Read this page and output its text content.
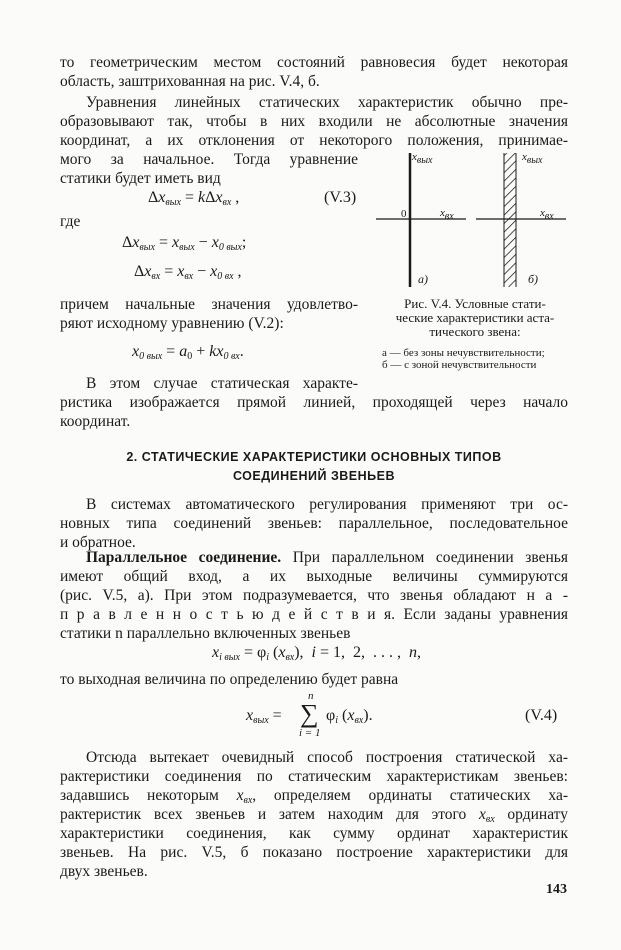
то геометрическим местом состояний равновесия будет некоторая
область, заштрихованная на рис. V.4, б.
Уравнения линейных статических характеристик обычно пре-
образовывают так, чтобы в них входили не абсолютные значения
координат, а их отклонения от некоторого положения, принимае-
мого за начальное. Тогда уравнение
статики будет иметь вид
$\Delta x_{вых} = k\Delta x_{вх}$ ,	(V.3)
где
$\Delta x_{вых} = x_{вых} - x_{0 вых}$;
$\Delta x_{вх} = x_{вх} - x_{0 вх}$ ,
причем начальные значения удовлетво-
ряют исходному уравнению (V.2):
$x_{0 вых} = a_0 + kx_{0 вх}$.
$x_{вых}$
$x_{вх}$
0
а)
$x_{вых}$
$x_{вх}$
б)
Рис. V.4. Условные стати-
ческие характеристики аста-
тического звена:
а — без зоны нечувствительности;
б — с зоной нечувствительности
В этом случае статическая характе-
ристика изображается прямой линией, проходящей через начало
координат.
2. СТАТИЧЕСКИЕ ХАРАКТЕРИСТИКИ ОСНОВНЫХ ТИПОВ
СОЕДИНЕНИЙ ЗВЕНЬЕВ
В системах автоматического регулирования применяют три ос-
новных типа соединений звеньев: параллельное, последовательное
и обратное.
Параллельное соединение. При параллельном соединении звенья
имеют общий вход, а их выходные величины суммируются
(рис. V.5, а). При этом подразумевается, что звенья обладают н а -
п р а в л е н н о с т ь ю д е й с т в и я. Если заданы уравнения
статики n параллельно включенных звеньев
$x_{i вых} = \varphi_i$ $(x_{вх})$,  i = 1,  2,  . . . ,  n,
то выходная величина по определению будет равна
$x_{вых}$ =
n
∑
i = 1
$\varphi_i$ $(x_{вх})$.	(V.4)
Отсюда вытекает очевидный способ построения статической ха-
рактеристики соединения по статическим характеристикам звеньев:
задавшись некоторым $x_{вх}$, определяем ординаты статических ха-
рактеристик всех звеньев и затем находим для этого $x_{вх}$ ординату
характеристики соединения, как сумму ординат характеристик
звеньев. На рис. V.5, б показано построение характеристики для
двух звеньев.
143
